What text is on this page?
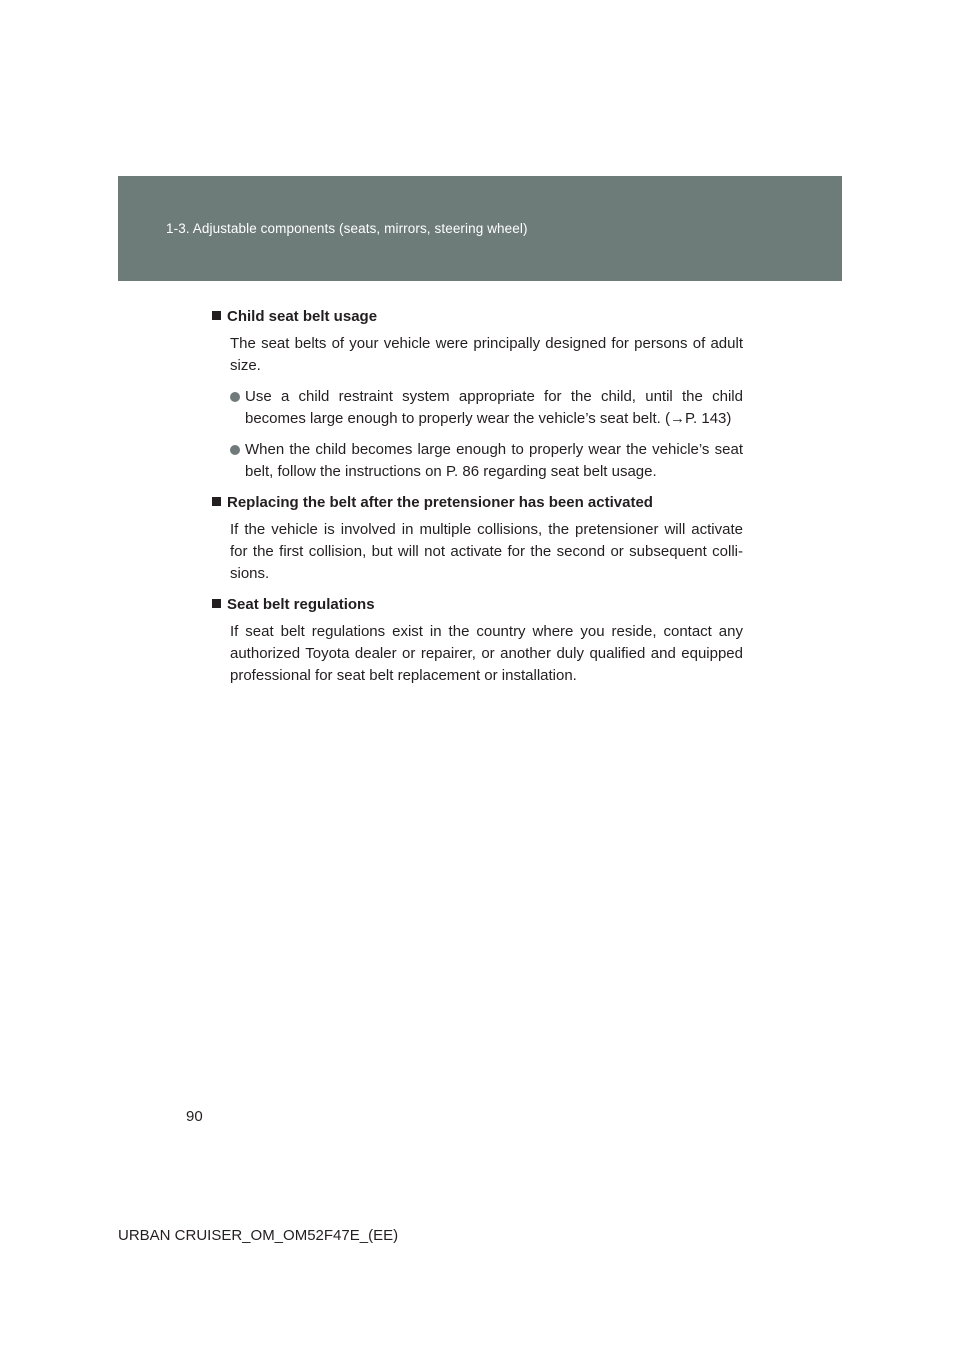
1-3. Adjustable components (seats, mirrors, steering wheel)
Child seat belt usage

The seat belts of your vehicle were principally designed for persons of adult size.

Use a child restraint system appropriate for the child, until the child becomes large enough to properly wear the vehicle’s seat belt. (→P. 143)
When the child becomes large enough to properly wear the vehicle’s seat belt, follow the instructions on P. 86 regarding seat belt usage.
Replacing the belt after the pretensioner has been activated

If the vehicle is involved in multiple collisions, the pretensioner will activate for the first collision, but will not activate for the second or subsequent colli- sions.

Seat belt regulations

If seat belt regulations exist in the country where you reside, contact any authorized Toyota dealer or repairer, or another duly qualified and equipped professional for seat belt replacement or installation.

90
URBAN CRUISER_OM_OM52F47E_(EE)
